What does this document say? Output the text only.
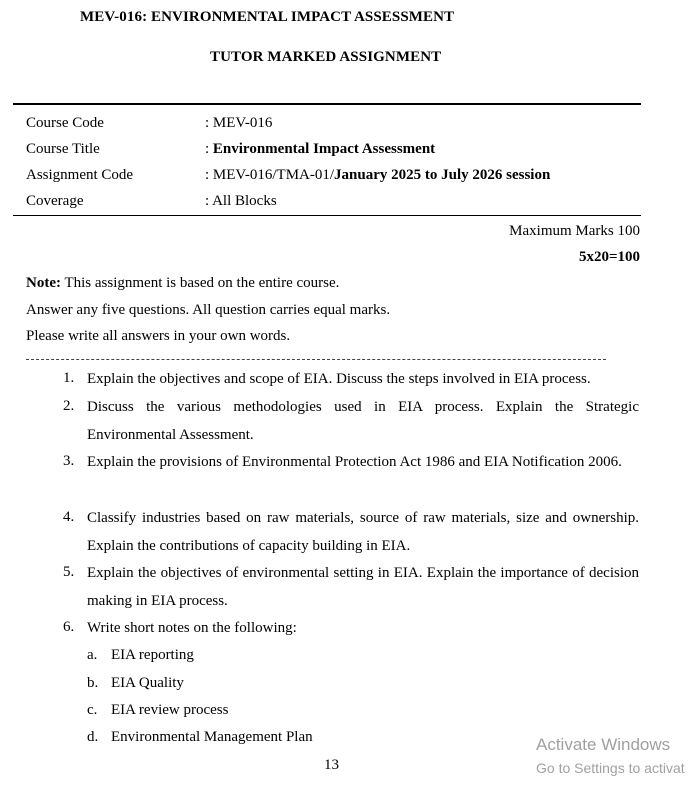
MEV-016: ENVIRONMENTAL IMPACT ASSESSMENT
TUTOR MARKED ASSIGNMENT
Course Code	: MEV-016
Course Title	: Environmental Impact Assessment
Assignment Code	: MEV-016/TMA-01/January 2025 to July 2026 session
Coverage	: All Blocks
Maximum Marks 100
5x20=100
Note: This assignment is based on the entire course.
Answer any five questions. All question carries equal marks.
Please write all answers in your own words.
1. Explain the objectives and scope of EIA. Discuss the steps involved in EIA process.
2. Discuss the various methodologies used in EIA process. Explain the Strategic Environmental Assessment.
3. Explain the provisions of Environmental Protection Act 1986 and EIA Notification 2006.
4. Classify industries based on raw materials, source of raw materials, size and ownership. Explain the contributions of capacity building in EIA.
5. Explain the objectives of environmental setting in EIA. Explain the importance of decision making in EIA process.
6. Write short notes on the following:
a. EIA reporting
b. EIA Quality
c. EIA review process
d. Environmental Management Plan
13
Activate Windows
Go to Settings to activat
